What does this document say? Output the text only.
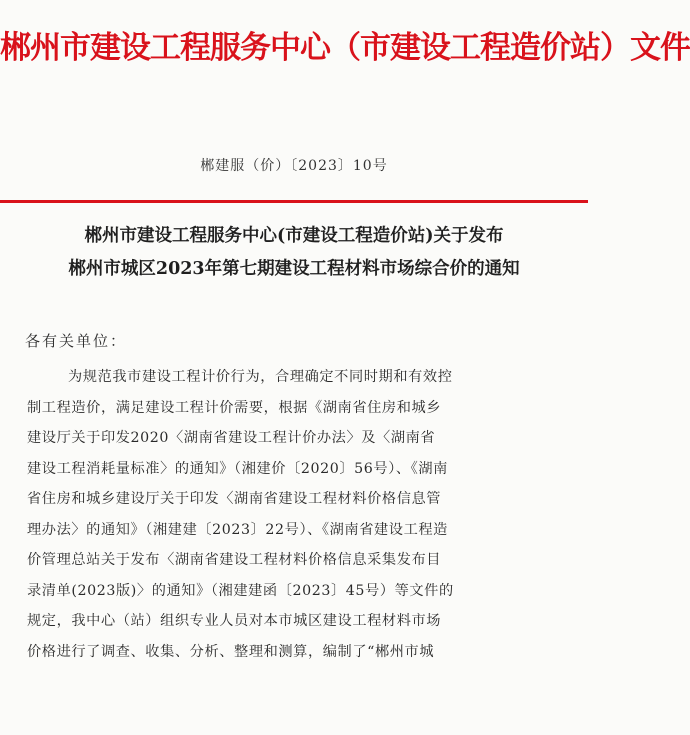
郴州市建设工程服务中心（市建设工程造价站）文件
郴建服（价）〔2023〕10号
郴州市建设工程服务中心(市建设工程造价站)关于发布
郴州市城区2023年第七期建设工程材料市场综合价的通知
各有关单位：
为规范我市建设工程计价行为，合理确定不同时期和有效控
制工程造价，满足建设工程计价需要，根据《湖南省住房和城乡
建设厅关于印发2020〈湖南省建设工程计价办法〉及〈湖南省
建设工程消耗量标准〉的通知》（湘建价〔2020〕56号）、《湖南
省住房和城乡建设厅关于印发〈湖南省建设工程材料价格信息管
理办法〉的通知》（湘建建〔2023〕22号）、《湖南省建设工程造
价管理总站关于发布〈湖南省建设工程材料价格信息采集发布目
录清单(2023版)〉的通知》（湘建建函〔2023〕45号）等文件的
规定，我中心（站）组织专业人员对本市城区建设工程材料市场
价格进行了调查、收集、分析、整理和测算，编制了“郴州市城
